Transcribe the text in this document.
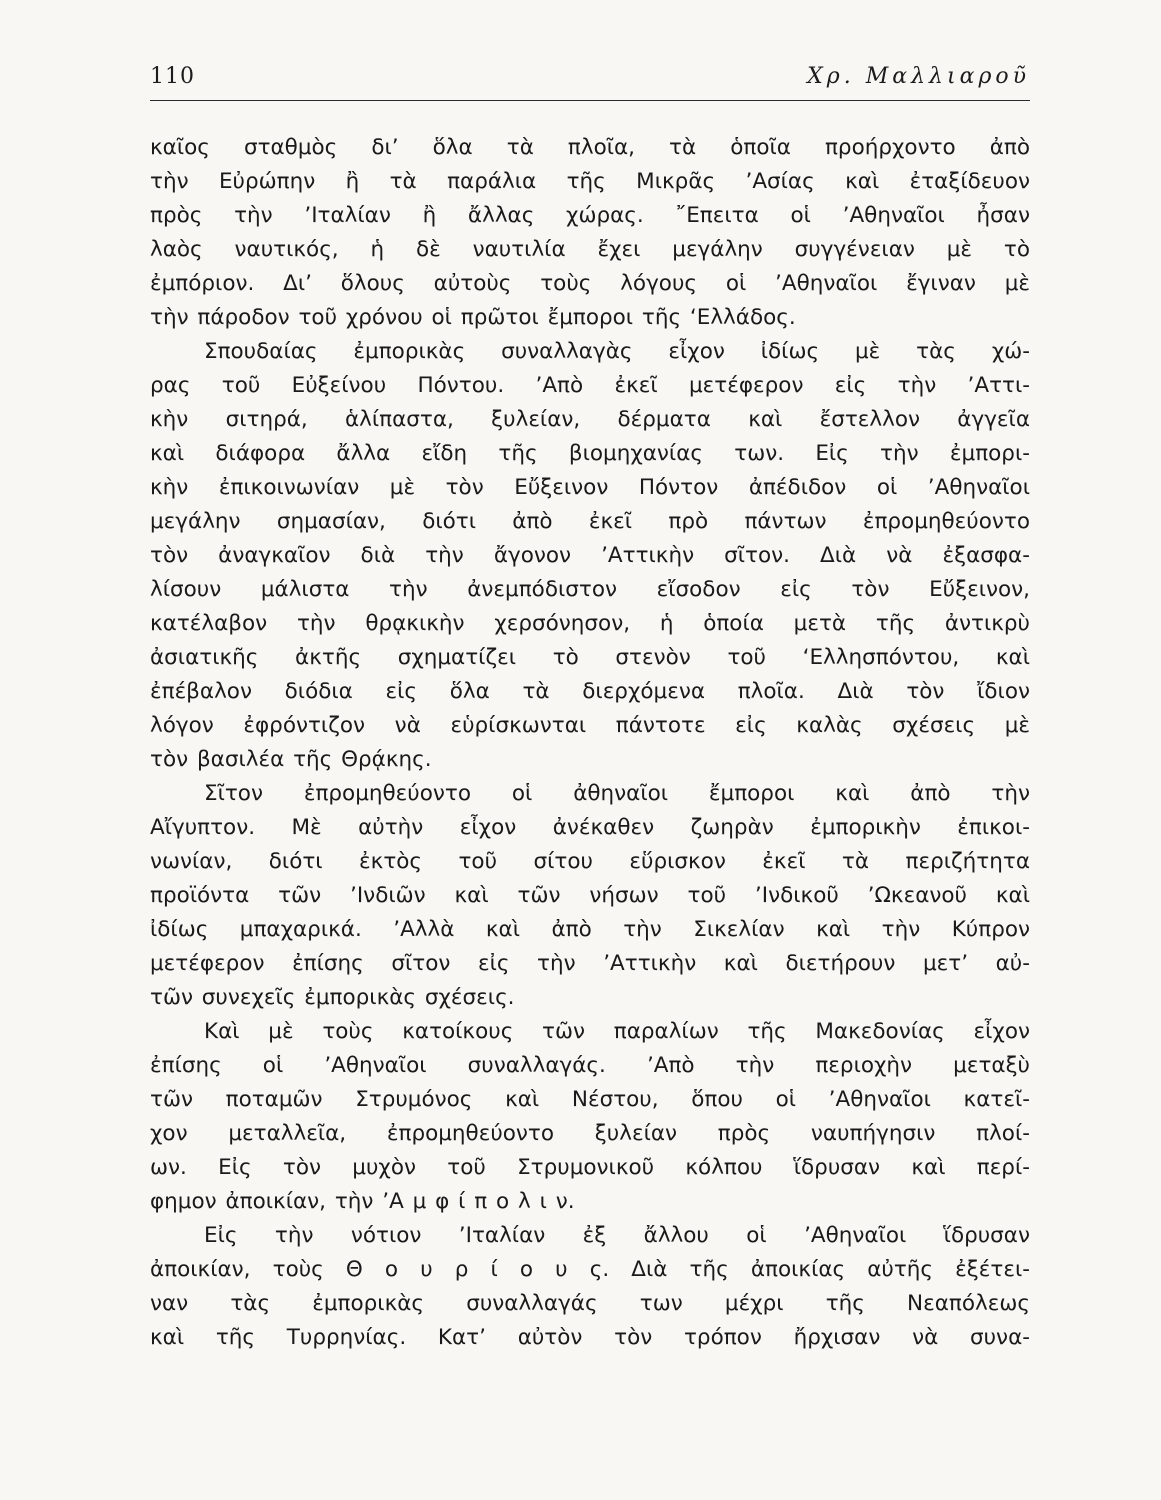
110	Χρ. Μαλλιαροῦ
καῖος σταθμὸς δι’ ὅλα τὰ πλοῖα, τὰ ὁποῖα προήρχοντο ἀπὸ
τὴν Εὐρώπην ἢ τὰ παράλια τῆς Μικρᾶς ’Ασίας καὶ ἐταξίδευον
πρὸς τὴν ’Ιταλίαν ἢ ἄλλας χώρας. ῎Επειτα οἱ ’Αθηναῖοι ἦσαν
λαὸς ναυτικός, ἡ δὲ ναυτιλία ἔχει μεγάλην συγγένειαν μὲ τὸ
ἐμπόριον. Δι’ ὅλους αὐτοὺς τοὺς λόγους οἱ ’Αθηναῖοι ἔγιναν μὲ
τὴν πάροδον τοῦ χρόνου οἱ πρῶτοι ἔμποροι τῆς ‘Ελλάδος.
Σπουδαίας ἐμπορικὰς συναλλαγὰς εἶχον ἰδίως μὲ τὰς χώ-
ρας τοῦ Εὐξείνου Πόντου. ’Απὸ ἐκεῖ μετέφερον εἰς τὴν ’Αττι-
κὴν σιτηρά, ἁλίπαστα, ξυλείαν, δέρματα καὶ ἔστελλον ἀγγεῖα
καὶ διάφορα ἄλλα εἴδη τῆς βιομηχανίας των. Εἰς τὴν ἐμπορι-
κὴν ἐπικοινωνίαν μὲ τὸν Εὔξεινον Πόντον ἀπέδιδον οἱ ’Αθηναῖοι
μεγάλην σημασίαν, διότι ἀπὸ ἐκεῖ πρὸ πάντων ἐπρομηθεύοντο
τὸν ἀναγκαῖον διὰ τὴν ἄγονον ’Αττικὴν σῖτον. Διὰ νὰ ἐξασφα-
λίσουν μάλιστα τὴν ἀνεμπόδιστον εἴσοδον εἰς τὸν Εὔξεινον,
κατέλαβον τὴν θρᾳκικὴν χερσόνησον, ἡ ὁποία μετὰ τῆς ἀντικρὺ
ἀσιατικῆς ἀκτῆς σχηματίζει τὸ στενὸν τοῦ ‘Ελλησπόντου, καὶ
ἐπέβαλον διόδια εἰς ὅλα τὰ διερχόμενα πλοῖα. Διὰ τὸν ἴδιον
λόγον ἐφρόντιζον νὰ εὑρίσκωνται πάντοτε εἰς καλὰς σχέσεις μὲ
τὸν βασιλέα τῆς Θρᾴκης.
Σῖτον ἐπρομηθεύοντο οἱ ἀθηναῖοι ἔμποροι καὶ ἀπὸ τὴν
Αἴγυπτον. Μὲ αὐτὴν εἶχον ἀνέκαθεν ζωηρὰν ἐμπορικὴν ἐπικοι-
νωνίαν, διότι ἐκτὸς τοῦ σίτου εὕρισκον ἐκεῖ τὰ περιζήτητα
προϊόντα τῶν ’Ινδιῶν καὶ τῶν νήσων τοῦ ’Ινδικοῦ ’Ωκεανοῦ καὶ
ἰδίως μπαχαρικά. ’Αλλὰ καὶ ἀπὸ τὴν Σικελίαν καὶ τὴν Κύπρον
μετέφερον ἐπίσης σῖτον εἰς τὴν ’Αττικὴν καὶ διετήρουν μετ’ αὐ-
τῶν συνεχεῖς ἐμπορικὰς σχέσεις.
Καὶ μὲ τοὺς κατοίκους τῶν παραλίων τῆς Μακεδονίας εἶχον
ἐπίσης οἱ ’Αθηναῖοι συναλλαγάς. ’Απὸ τὴν περιοχὴν μεταξὺ
τῶν ποταμῶν Στρυμόνος καὶ Νέστου, ὅπου οἱ ’Αθηναῖοι κατεῖ-
χον μεταλλεῖα, ἐπρομηθεύοντο ξυλείαν πρὸς ναυπήγησιν πλοί-
ων. Εἰς τὸν μυχὸν τοῦ Στρυμονικοῦ κόλπου ἵδρυσαν καὶ περί-
φημον ἀποικίαν, τὴν ’Α μ φ ί π ο λ ι ν.
Εἰς τὴν νότιον ’Ιταλίαν ἐξ ἄλλου οἱ ’Αθηναῖοι ἵδρυσαν
ἀποικίαν, τοὺς Θ ο υ ρ ί ο υ ς. Διὰ τῆς ἀποικίας αὐτῆς ἐξέτει-
ναν τὰς ἐμπορικὰς συναλλαγάς των μέχρι τῆς Νεαπόλεως
καὶ τῆς Τυρρηνίας. Κατ’ αὐτὸν τὸν τρόπον ἤρχισαν νὰ συνα-
